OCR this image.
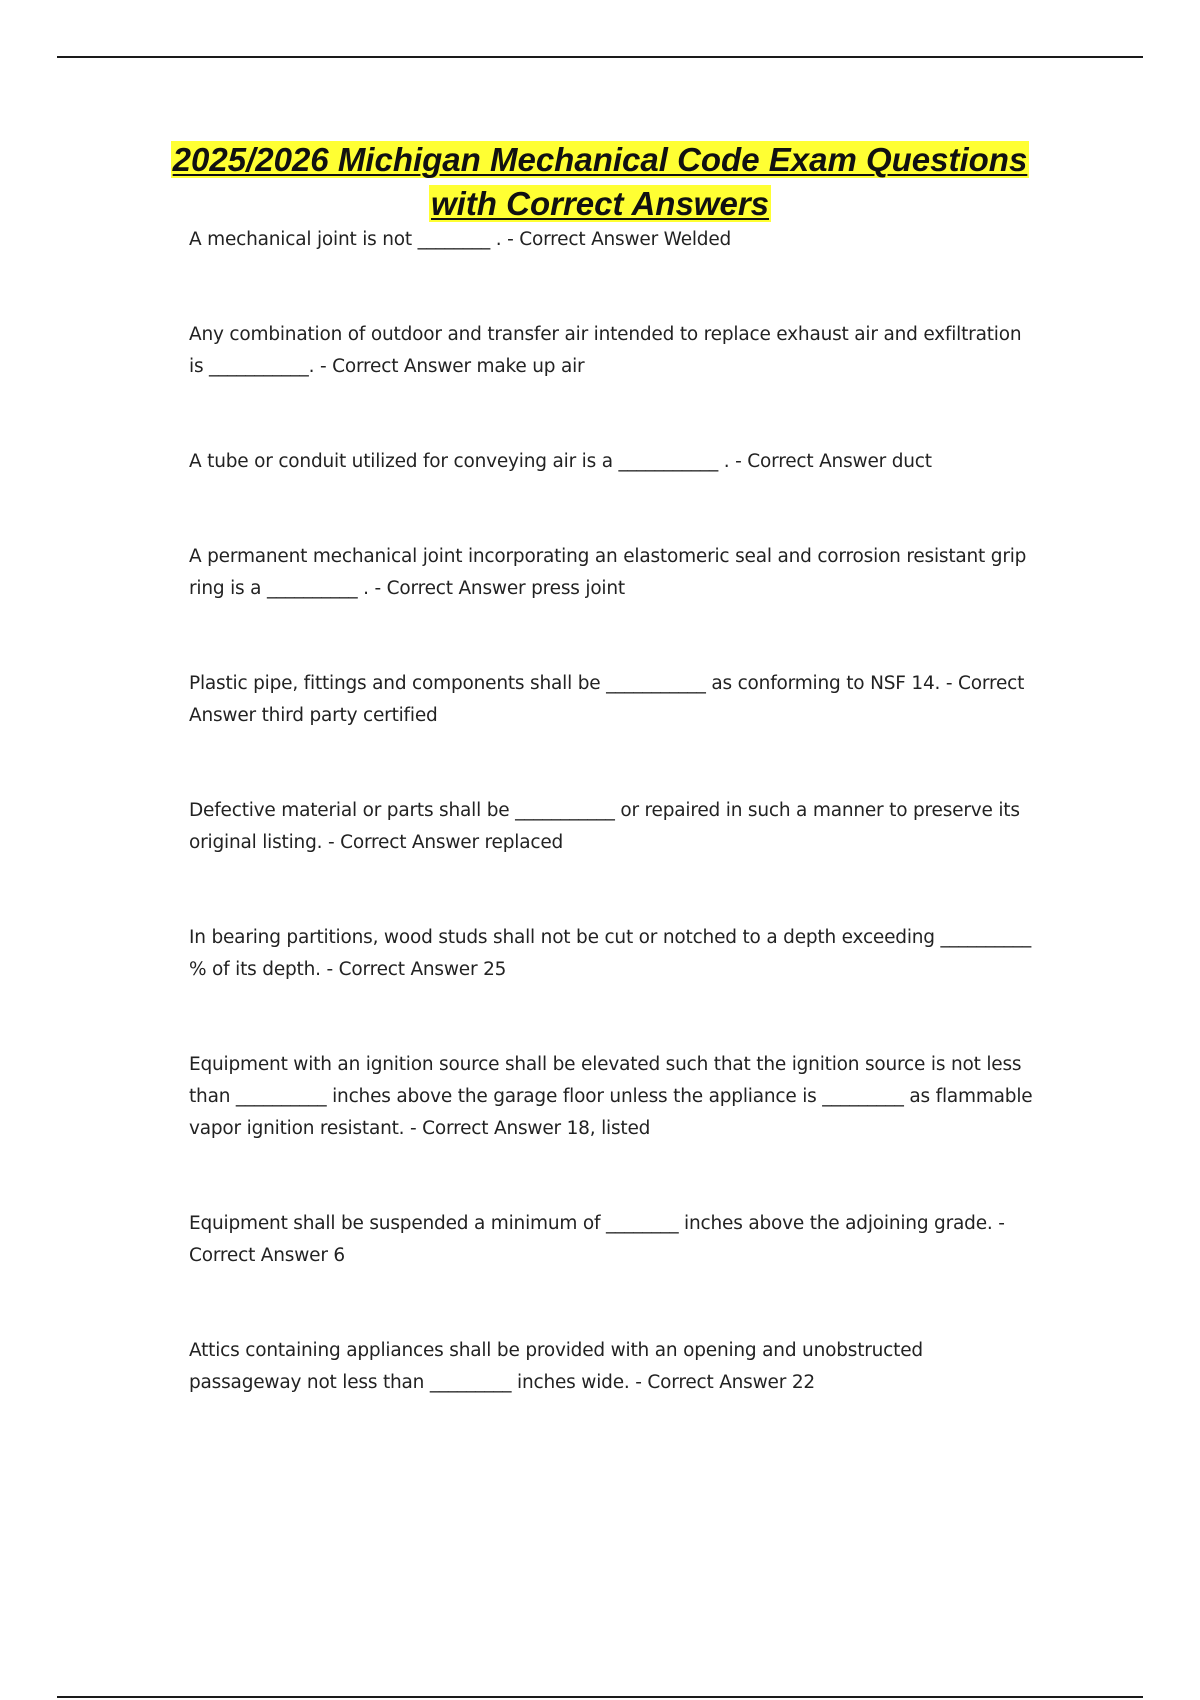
2025/2026 Michigan Mechanical Code Exam Questions with Correct Answers

A mechanical joint is not ________ . - Correct Answer Welded

Any combination of outdoor and transfer air intended to replace exhaust air and exfiltration is ___________. - Correct Answer make up air

A tube or conduit utilized for conveying air is a ___________ . - Correct Answer duct

A permanent mechanical joint incorporating an elastomeric seal and corrosion resistant grip ring is a __________ . - Correct Answer press joint

Plastic pipe, fittings and components shall be ___________ as conforming to NSF 14. - Correct Answer third party certified

Defective material or parts shall be ___________ or repaired in such a manner to preserve its original listing. - Correct Answer replaced

In bearing partitions, wood studs shall not be cut or notched to a depth exceeding __________ % of its depth. - Correct Answer 25

Equipment with an ignition source shall be elevated such that the ignition source is not less than __________ inches above the garage floor unless the appliance is _________ as flammable vapor ignition resistant. - Correct Answer 18, listed

Equipment shall be suspended a minimum of ________ inches above the adjoining grade. - Correct Answer 6

Attics containing appliances shall be provided with an opening and unobstructed passageway not less than _________ inches wide. - Correct Answer 22
